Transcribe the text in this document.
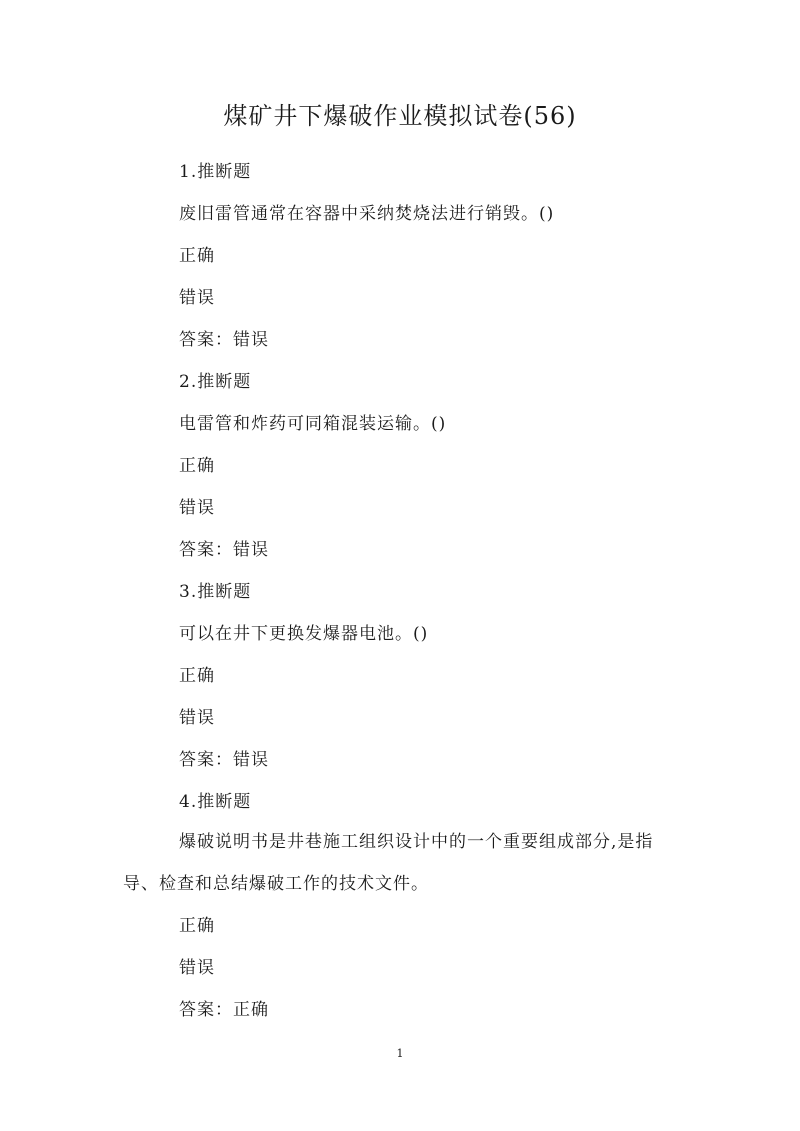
煤矿井下爆破作业模拟试卷(56)
1.推断题
废旧雷管通常在容器中采纳焚烧法进行销毁。()
正确
错误
答案：错误
2.推断题
电雷管和炸药可同箱混装运输。()
正确
错误
答案：错误
3.推断题
可以在井下更换发爆器电池。()
正确
错误
答案：错误
4.推断题
爆破说明书是井巷施工组织设计中的一个重要组成部分,是指
导、检查和总结爆破工作的技术文件。
正确
错误
答案：正确
1
